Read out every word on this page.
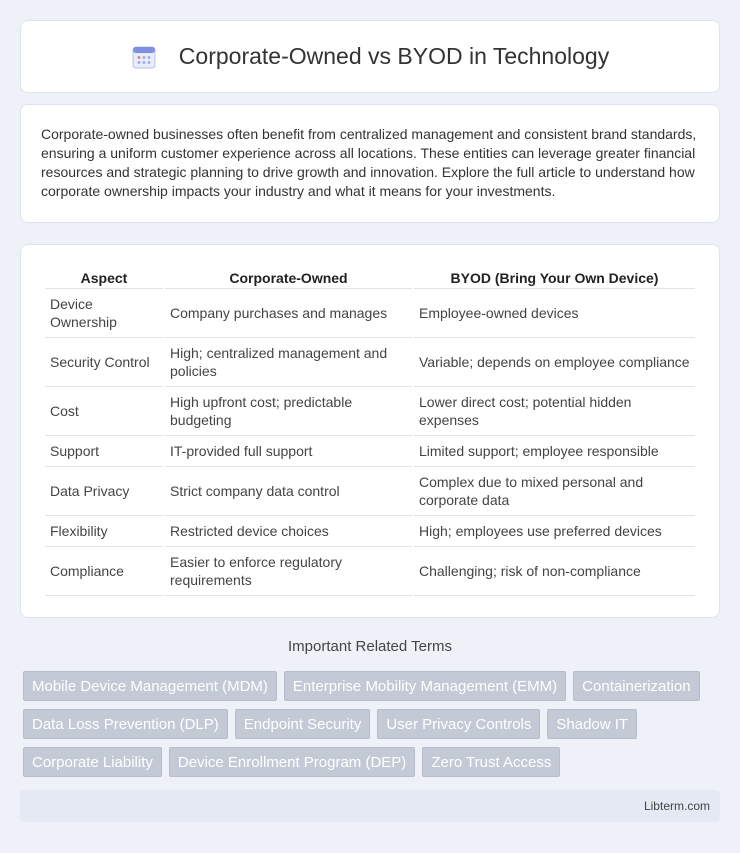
Corporate-Owned vs BYOD in Technology

Corporate-owned businesses often benefit from centralized management and consistent brand standards, ensuring a uniform customer experience across all locations. These entities can leverage greater financial resources and strategic planning to drive growth and innovation. Explore the full article to understand how corporate ownership impacts your industry and what it means for your investments.

Aspect	Corporate-Owned	BYOD (Bring Your Own Device)
Device Ownership	Company purchases and manages	Employee-owned devices
Security Control	High; centralized management and policies	Variable; depends on employee compliance
Cost	High upfront cost; predictable budgeting	Lower direct cost; potential hidden expenses
Support	IT-provided full support	Limited support; employee responsible
Data Privacy	Strict company data control	Complex due to mixed personal and corporate data
Flexibility	Restricted device choices	High; employees use preferred devices
Compliance	Easier to enforce regulatory requirements	Challenging; risk of non-compliance
Important Related Terms
Mobile Device Management (MDM)	Enterprise Mobility Management (EMM)	Containerization
Data Loss Prevention (DLP)	Endpoint Security	User Privacy Controls	Shadow IT
Corporate Liability	Device Enrollment Program (DEP)	Zero Trust Access
Libterm.com
